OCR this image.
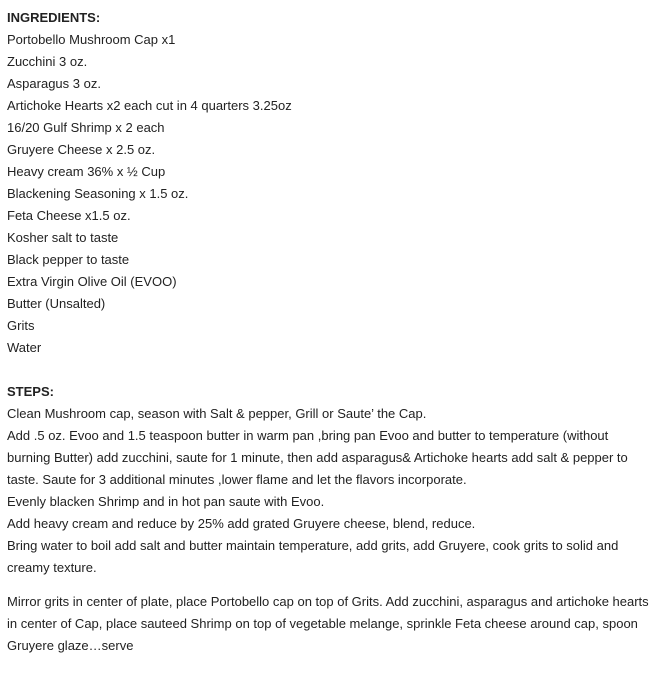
INGREDIENTS:

Portobello Mushroom Cap x1

Zucchini 3 oz.

Asparagus 3 oz.

Artichoke Hearts x2 each cut in 4 quarters 3.25oz

16/20 Gulf Shrimp x 2 each

Gruyere Cheese x 2.5 oz.

Heavy cream 36% x ½ Cup

Blackening Seasoning x 1.5 oz.

Feta Cheese x1.5 oz.

Kosher salt to taste

Black pepper to taste

Extra Virgin Olive Oil (EVOO)

Butter (Unsalted)

Grits

Water

STEPS:

Clean Mushroom cap, season with Salt & pepper, Grill or Saute’ the Cap.

Add .5 oz. Evoo and 1.5 teaspoon butter in warm pan ,bring pan Evoo and butter to temperature (without burning Butter) add zucchini, saute for 1 minute, then add asparagus& Artichoke hearts add salt & pepper to taste. Saute for 3 additional minutes ,lower flame and let the flavors incorporate.

Evenly blacken Shrimp and in hot pan saute with Evoo.

Add heavy cream and reduce by 25% add grated Gruyere cheese, blend, reduce.

Bring water to boil add salt and butter maintain temperature, add grits, add Gruyere, cook grits to solid and creamy texture.

Mirror grits in center of plate, place Portobello cap on top of Grits. Add zucchini, asparagus and artichoke hearts in center of Cap, place sauteed Shrimp on top of vegetable melange, sprinkle Feta cheese around cap, spoon Gruyere glaze…serve
